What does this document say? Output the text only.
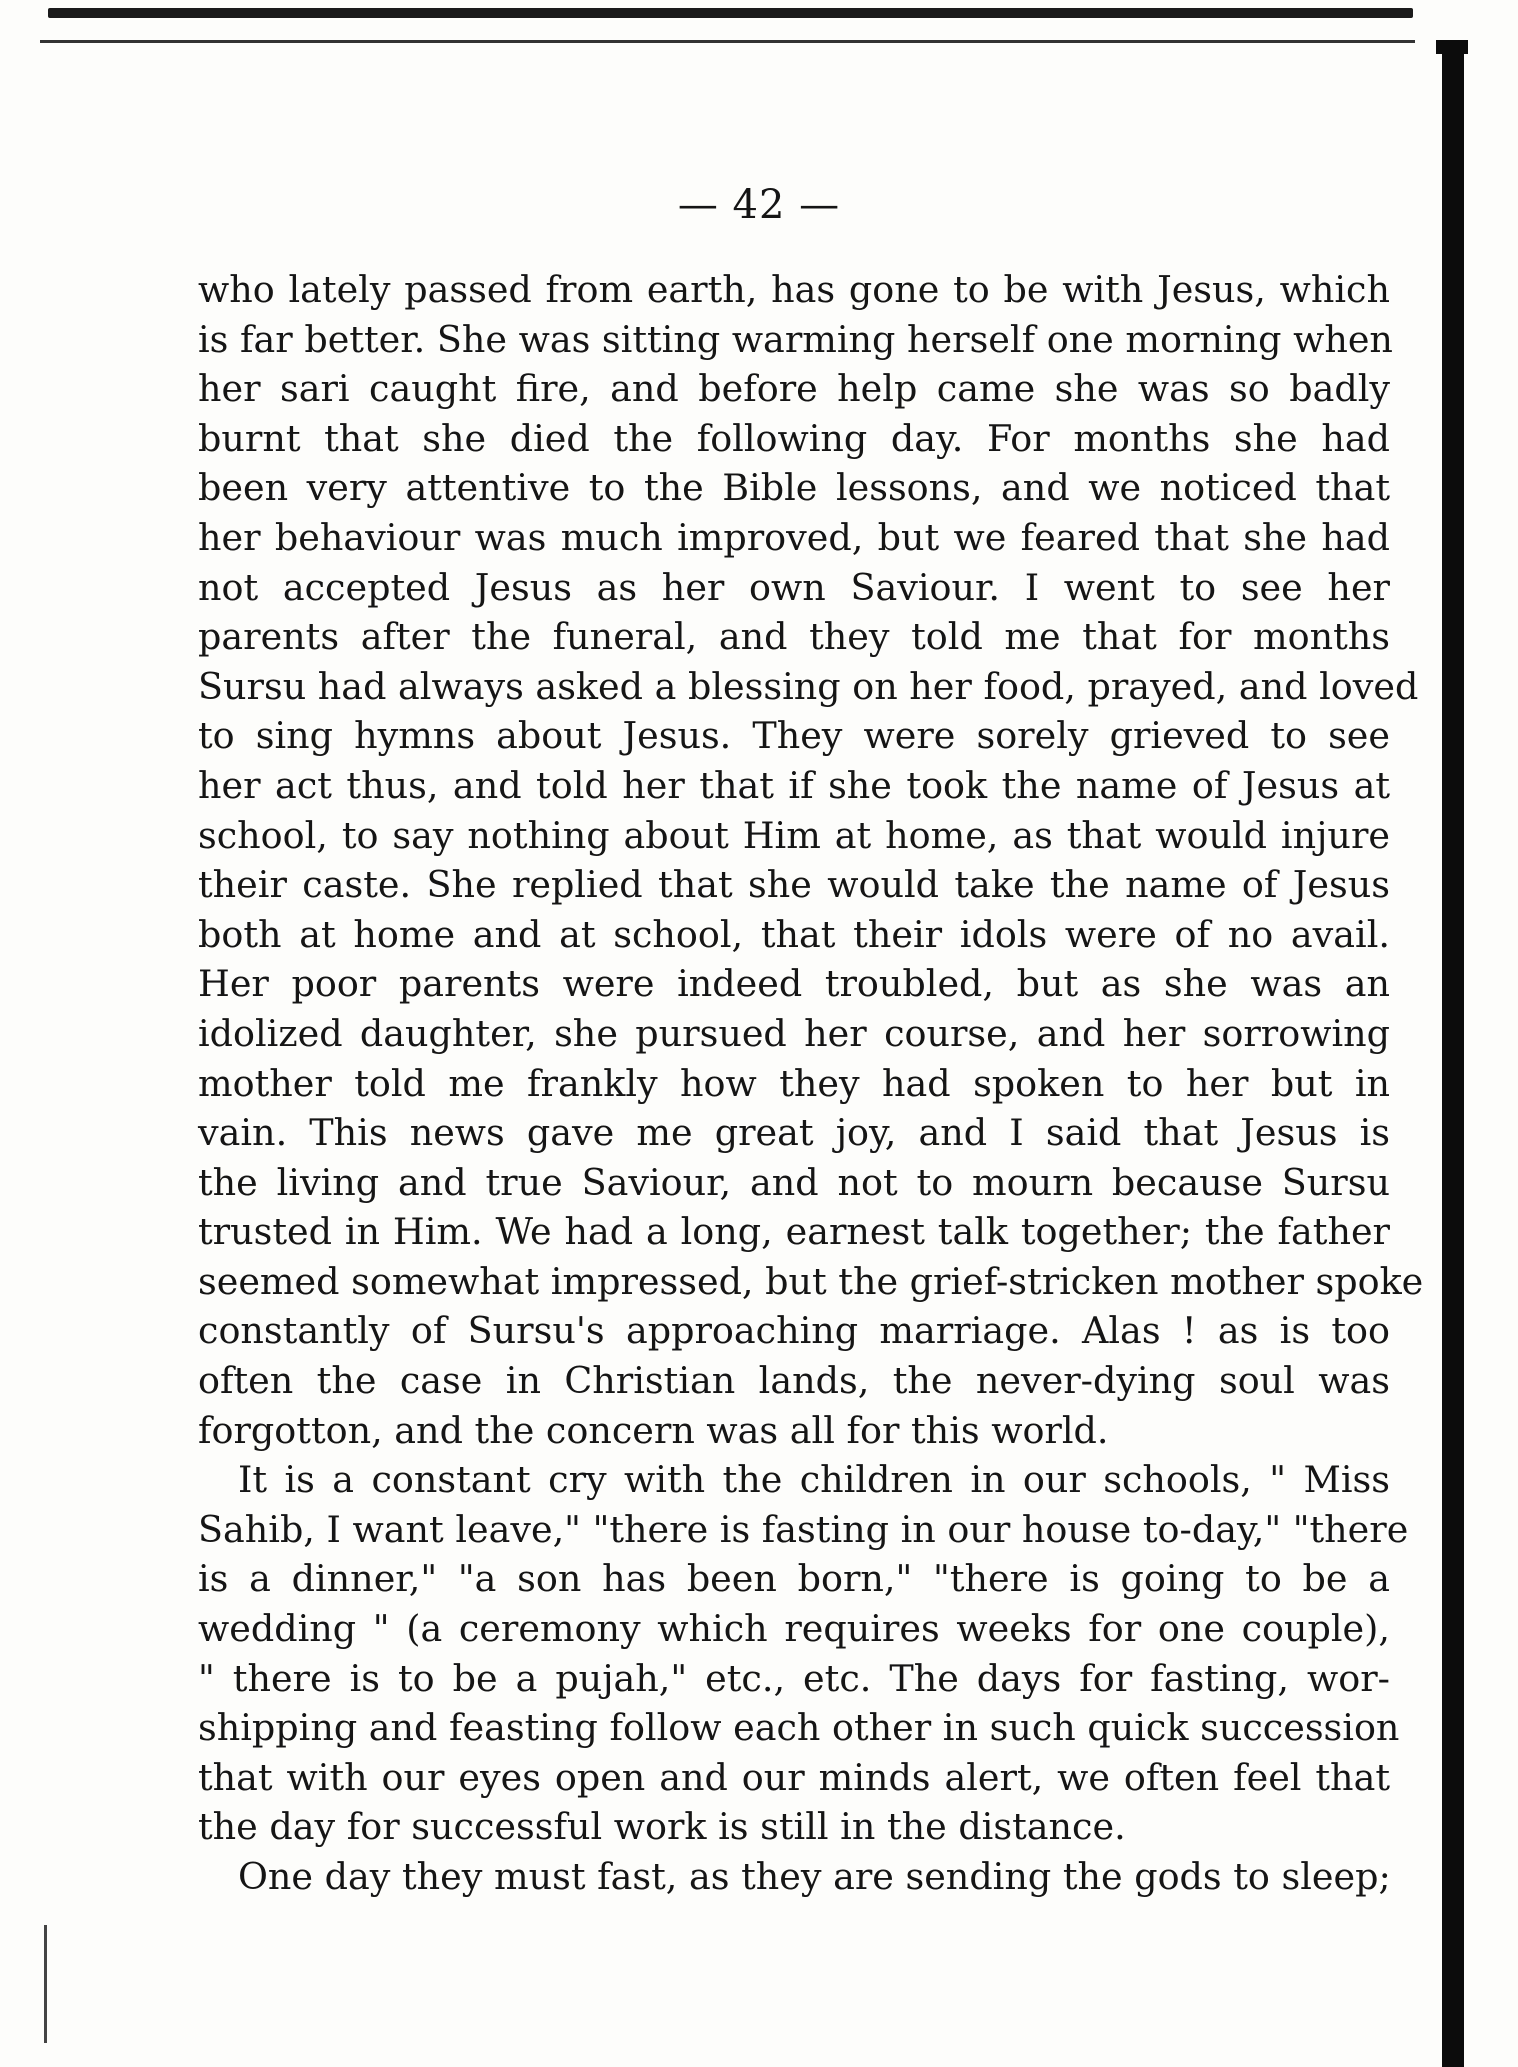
— 42 —
who lately passed from earth, has gone to be with Jesus, which
is far better. She was sitting warming herself one morning when
her sari caught fire, and before help came she was so badly
burnt that she died the following day. For months she had
been very attentive to the Bible lessons, and we noticed that
her behaviour was much improved, but we feared that she had
not accepted Jesus as her own Saviour. I went to see her
parents after the funeral, and they told me that for months
Sursu had always asked a blessing on her food, prayed, and loved
to sing hymns about Jesus. They were sorely grieved to see
her act thus, and told her that if she took the name of Jesus at
school, to say nothing about Him at home, as that would injure
their caste. She replied that she would take the name of Jesus
both at home and at school, that their idols were of no avail.
Her poor parents were indeed troubled, but as she was an
idolized daughter, she pursued her course, and her sorrowing
mother told me frankly how they had spoken to her but in
vain. This news gave me great joy, and I said that Jesus is
the living and true Saviour, and not to mourn because Sursu
trusted in Him. We had a long, earnest talk together; the father
seemed somewhat impressed, but the grief-stricken mother spoke
constantly of Sursu's approaching marriage. Alas ! as is too
often the case in Christian lands, the never-dying soul was
forgotton, and the concern was all for this world.
It is a constant cry with the children in our schools, " Miss
Sahib, I want leave," "there is fasting in our house to-day," "there
is a dinner," "a son has been born," "there is going to be a
wedding " (a ceremony which requires weeks for one couple),
" there is to be a pujah," etc., etc. The days for fasting, wor-
shipping and feasting follow each other in such quick succession
that with our eyes open and our minds alert, we often feel that
the day for successful work is still in the distance.
One day they must fast, as they are sending the gods to sleep;
